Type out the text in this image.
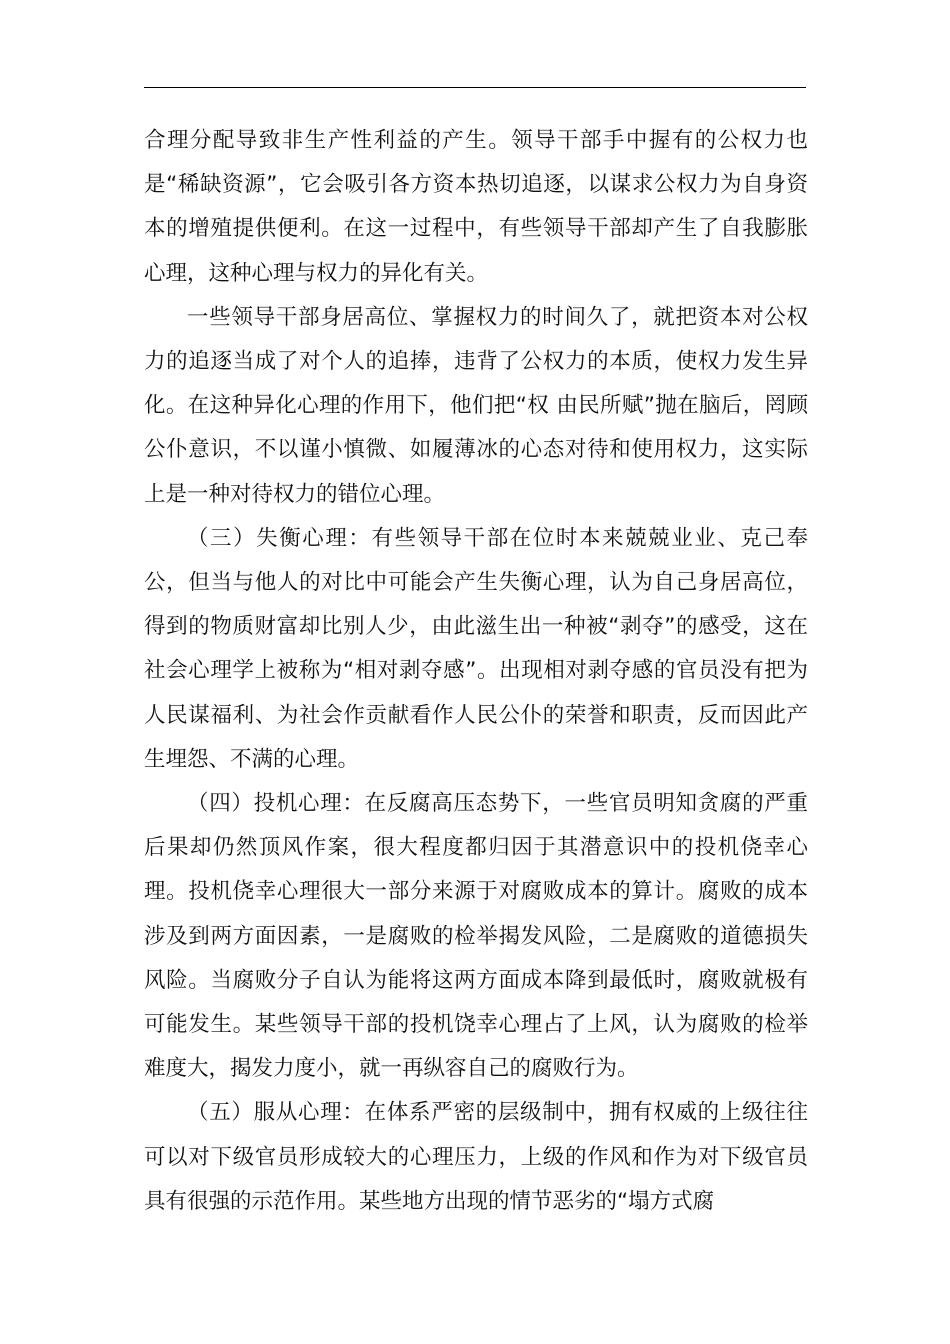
合理分配导致非生产性利益的产生。领导干部手中握有的公权力也是“稀缺资源”，它会吸引各方资本热切追逐，以谋求公权力为自身资本的增殖提供便利。在这一过程中，有些领导干部却产生了自我膨胀心理，这种心理与权力的异化有关。

一些领导干部身居高位、掌握权力的时间久了，就把资本对公权力的追逐当成了对个人的追捧，违背了公权力的本质，使权力发生异化。在这种异化心理的作用下，他们把“权 由民所赋”抛在脑后，罔顾公仆意识，不以谨小慎微、如履薄冰的心态对待和使用权力，这实际上是一种对待权力的错位心理。

（三）失衡心理：有些领导干部在位时本来兢兢业业、克己奉公，但当与他人的对比中可能会产生失衡心理，认为自己身居高位，得到的物质财富却比别人少，由此滋生出一种被“剥夺”的感受，这在社会心理学上被称为“相对剥夺感”。出现相对剥夺感的官员没有把为人民谋福利、为社会作贡献看作人民公仆的荣誉和职责，反而因此产生埋怨、不满的心理。

（四）投机心理：在反腐高压态势下，一些官员明知贪腐的严重后果却仍然顶风作案，很大程度都归因于其潜意识中的投机侥幸心理。投机侥幸心理很大一部分来源于对腐败成本的算计。腐败的成本涉及到两方面因素，一是腐败的检举揭发风险，二是腐败的道德损失风险。当腐败分子自认为能将这两方面成本降到最低时，腐败就极有可能发生。某些领导干部的投机饶幸心理占了上风，认为腐败的检举难度大，揭发力度小，就一再纵容自己的腐败行为。

（五）服从心理：在体系严密的层级制中，拥有权威的上级往往可以对下级官员形成较大的心理压力，上级的作风和作为对下级官员具有很强的示范作用。某些地方出现的情节恶劣的“塌方式腐
